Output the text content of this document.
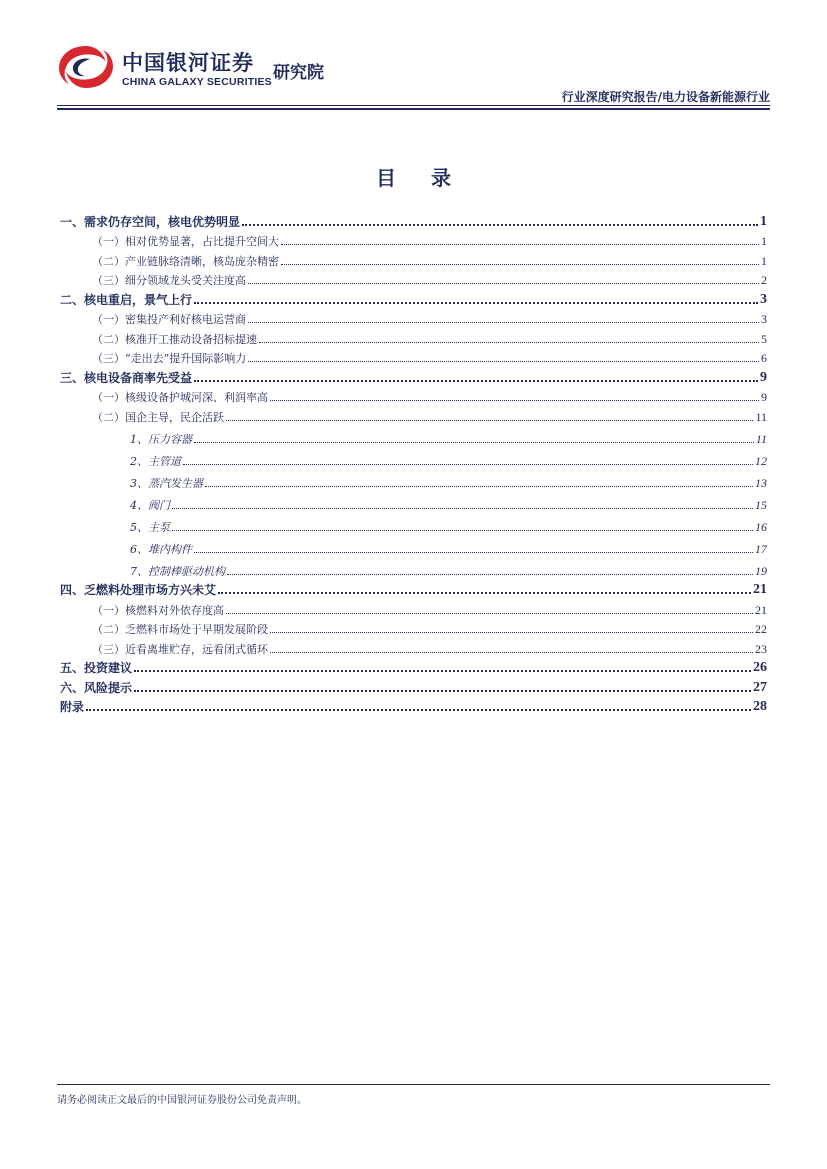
中国银河证券
CHINA GALAXY SECURITIES 研究院
行业深度研究报告/电力设备新能源行业
目 录
一、需求仍存空间，核电优势明显	1
（一）相对优势显著，占比提升空间大	1
（二）产业链脉络清晰，核岛庞杂精密	1
（三）细分领域龙头受关注度高	2
二、核电重启，景气上行	3
（一）密集投产利好核电运营商	3
（二）核准开工推动设备招标提速	5
（三）“走出去”提升国际影响力	6
三、核电设备商率先受益	9
（一）核级设备护城河深、利润率高	9
（二）国企主导，民企活跃	11
1、压力容器	11
2、主管道	12
3、蒸汽发生器	13
4、阀门	15
5、主泵	16
6、堆内构件	17
7、控制棒驱动机构	19
四、乏燃料处理市场方兴未艾	21
（一）核燃料对外依存度高	21
（二）乏燃料市场处于早期发展阶段	22
（三）近看离堆贮存，远看闭式循环	23
五、投资建议	26
六、风险提示	27
附录	28
请务必阅读正文最后的中国银河证券股份公司免责声明。
